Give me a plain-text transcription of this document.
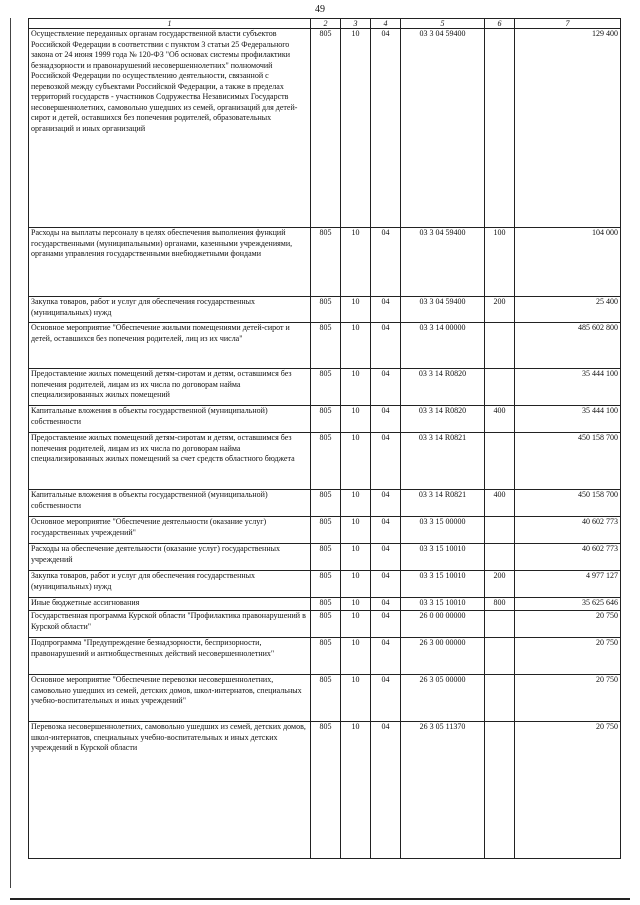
49
1	2	3	4	5	6	7
Осуществление переданных органам государственной власти субъектов Российской Федерации в соответствии с пунктом 3 статьи 25 Федерального закона от 24 июня 1999 года № 120-ФЗ "Об основах системы профилактики безнадзорности и правонарушений несовершеннолетних" полномочий Российской Федерации по осуществлению деятельности, связанной с перевозкой между субъектами Российской Федерации, а также в пределах территорий государств - участников Содружества Независимых Государств несовершеннолетних, самовольно ушедших из семей, организаций для детей-сирот и детей, оставшихся без попечения родителей, образовательных организаций и иных организаций	805	10	04	03 3 04 59400		129 400
Расходы на выплаты персоналу в целях обеспечения выполнения функций государственными (муниципальными) органами, казенными учреждениями, органами управления государственными внебюджетными фондами	805	10	04	03 3 04 59400	100	104 000
Закупка товаров, работ и услуг для обеспечения государственных (муниципальных) нужд	805	10	04	03 3 04 59400	200	25 400
Основное мероприятие "Обеспечение жилыми помещениями детей-сирот и детей, оставшихся без попечения родителей, лиц из их числа"	805	10	04	03 3 14 00000		485 602 800
Предоставление жилых помещений детям-сиротам и детям, оставшимся без попечения родителей, лицам из их числа по договорам найма специализированных жилых помещений	805	10	04	03 3 14 R0820		35 444 100
Капитальные вложения в объекты государственной (муниципальной) собственности	805	10	04	03 3 14 R0820	400	35 444 100
Предоставление жилых помещений детям-сиротам и детям, оставшимся без попечения родителей, лицам из их числа по договорам найма специализированных жилых помещений за счет средств областного бюджета	805	10	04	03 3 14 R0821		450 158 700
Капитальные вложения в объекты государственной (муниципальной) собственности	805	10	04	03 3 14 R0821	400	450 158 700
Основное мероприятие "Обеспечение деятельности (оказание услуг) государственных учреждений"	805	10	04	03 3 15 00000		40 602 773
Расходы на обеспечение деятельности (оказание услуг) государственных учреждений	805	10	04	03 3 15 10010		40 602 773
Закупка товаров, работ и услуг для обеспечения государственных (муниципальных) нужд	805	10	04	03 3 15 10010	200	4 977 127
Иные бюджетные ассигнования	805	10	04	03 3 15 10010	800	35 625 646
Государственная программа Курской области "Профилактика правонарушений в Курской области"	805	10	04	26 0 00 00000		20 750
Подпрограмма "Предупреждение безнадзорности, беспризорности, правонарушений и антиобщественных действий несовершеннолетних"	805	10	04	26 3 00 00000		20 750
Основное мероприятие "Обеспечение перевозки несовершеннолетних, самовольно ушедших из семей, детских домов, школ-интернатов, специальных учебно-воспитательных и иных учреждений"	805	10	04	26 3 05 00000		20 750
Перевозка несовершеннолетних, самовольно ушедших из семей, детских домов, школ-интернатов, специальных учебно-воспитательных и иных детских учреждений в Курской области	805	10	04	26 3 05 11370		20 750
